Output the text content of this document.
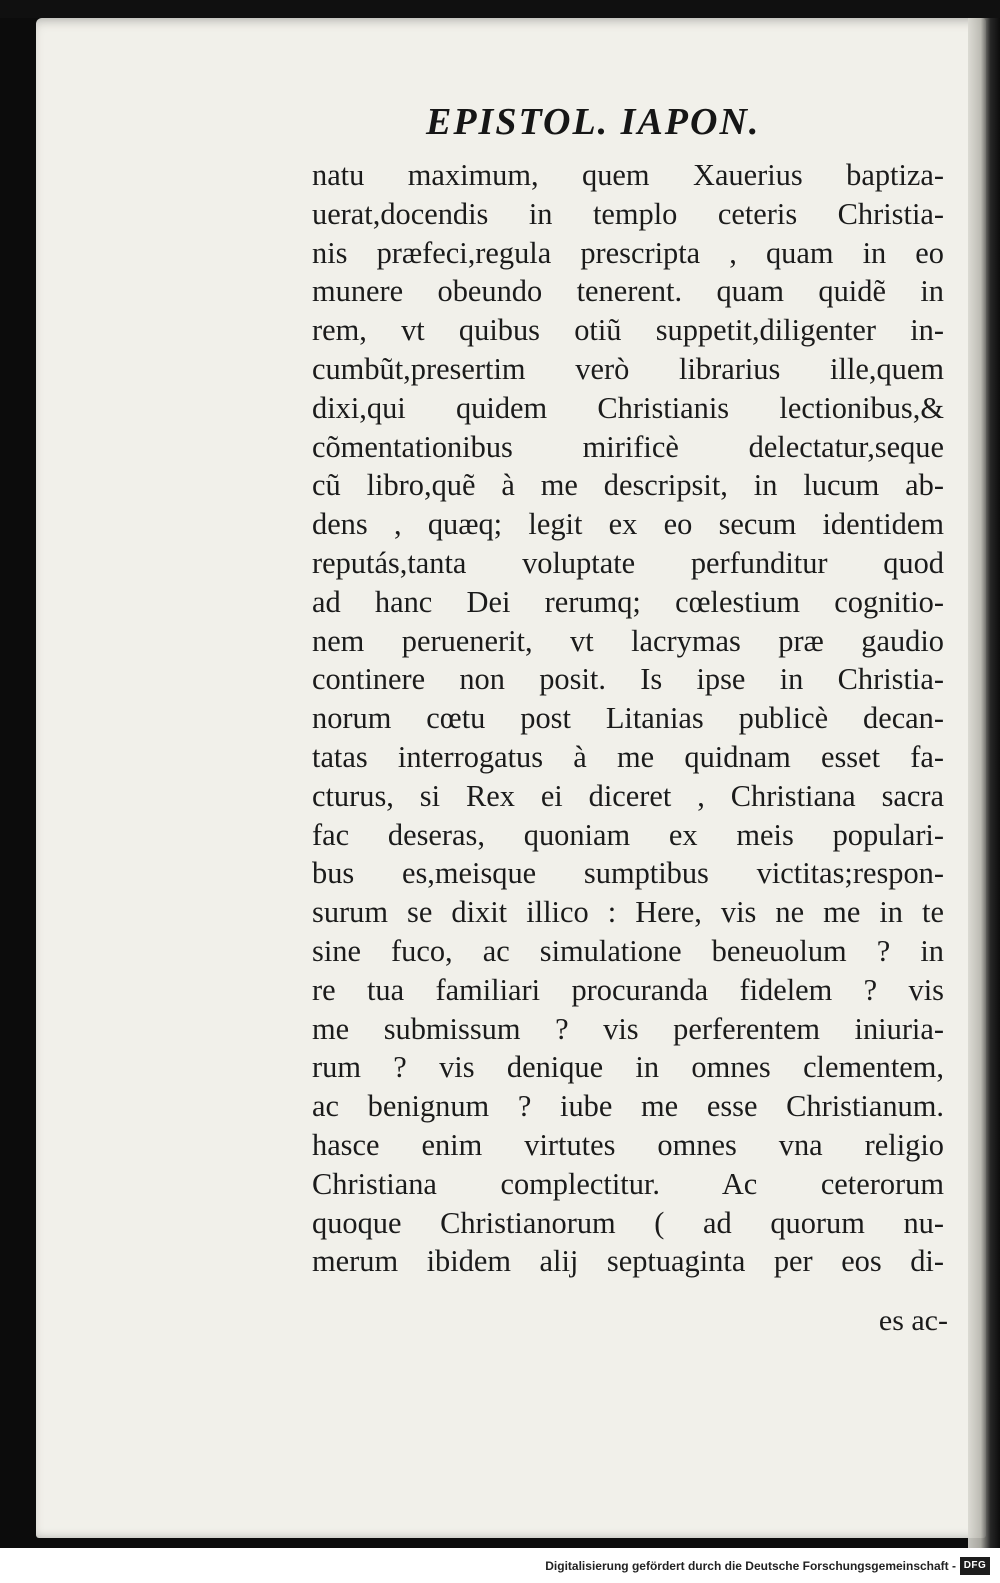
EPISTOL. IAPON.
natu maximum, quem Xauerius baptiza-
uerat,docendis in templo ceteris Christia-
nis præfeci,regula prescripta , quam in eo
munere obeundo tenerent. quam quidẽ in
rem, vt quibus otiũ suppetit,diligenter in-
cumbũt,presertim verò librarius ille,quem
dixi,qui quidem Christianis lectionibus,&
cõmentationibus mirificè delectatur,seque
cũ libro,quẽ à me descripsit, in lucum ab-
dens , quæq; legit ex eo secum identidem
reputás,tanta voluptate perfunditur quod
ad hanc Dei rerumq; cœlestium cognitio-
nem peruenerit, vt lacrymas præ gaudio
continere non posit. Is ipse in Christia-
norum cœtu post Litanias publicè decan-
tatas interrogatus à me quidnam esset fa-
cturus, si Rex ei diceret , Christiana sacra
fac deseras, quoniam ex meis populari-
bus es,meisque sumptibus victitas;respon-
surum se dixit illico : Here, vis ne me in te
sine fuco, ac simulatione beneuolum ? in
re tua familiari procuranda fidelem ? vis
me submissum ? vis perferentem iniuria-
rum ? vis denique in omnes clementem,
ac benignum ? iube me esse Christianum.
hasce enim virtutes omnes vna religio
Christiana complectitur. Ac ceterorum
quoque Christianorum ( ad quorum nu-
merum ibidem alij septuaginta per eos di-

es ac-

Digitalisierung gefördert durch die Deutsche Forschungsgemeinschaft - DFG
